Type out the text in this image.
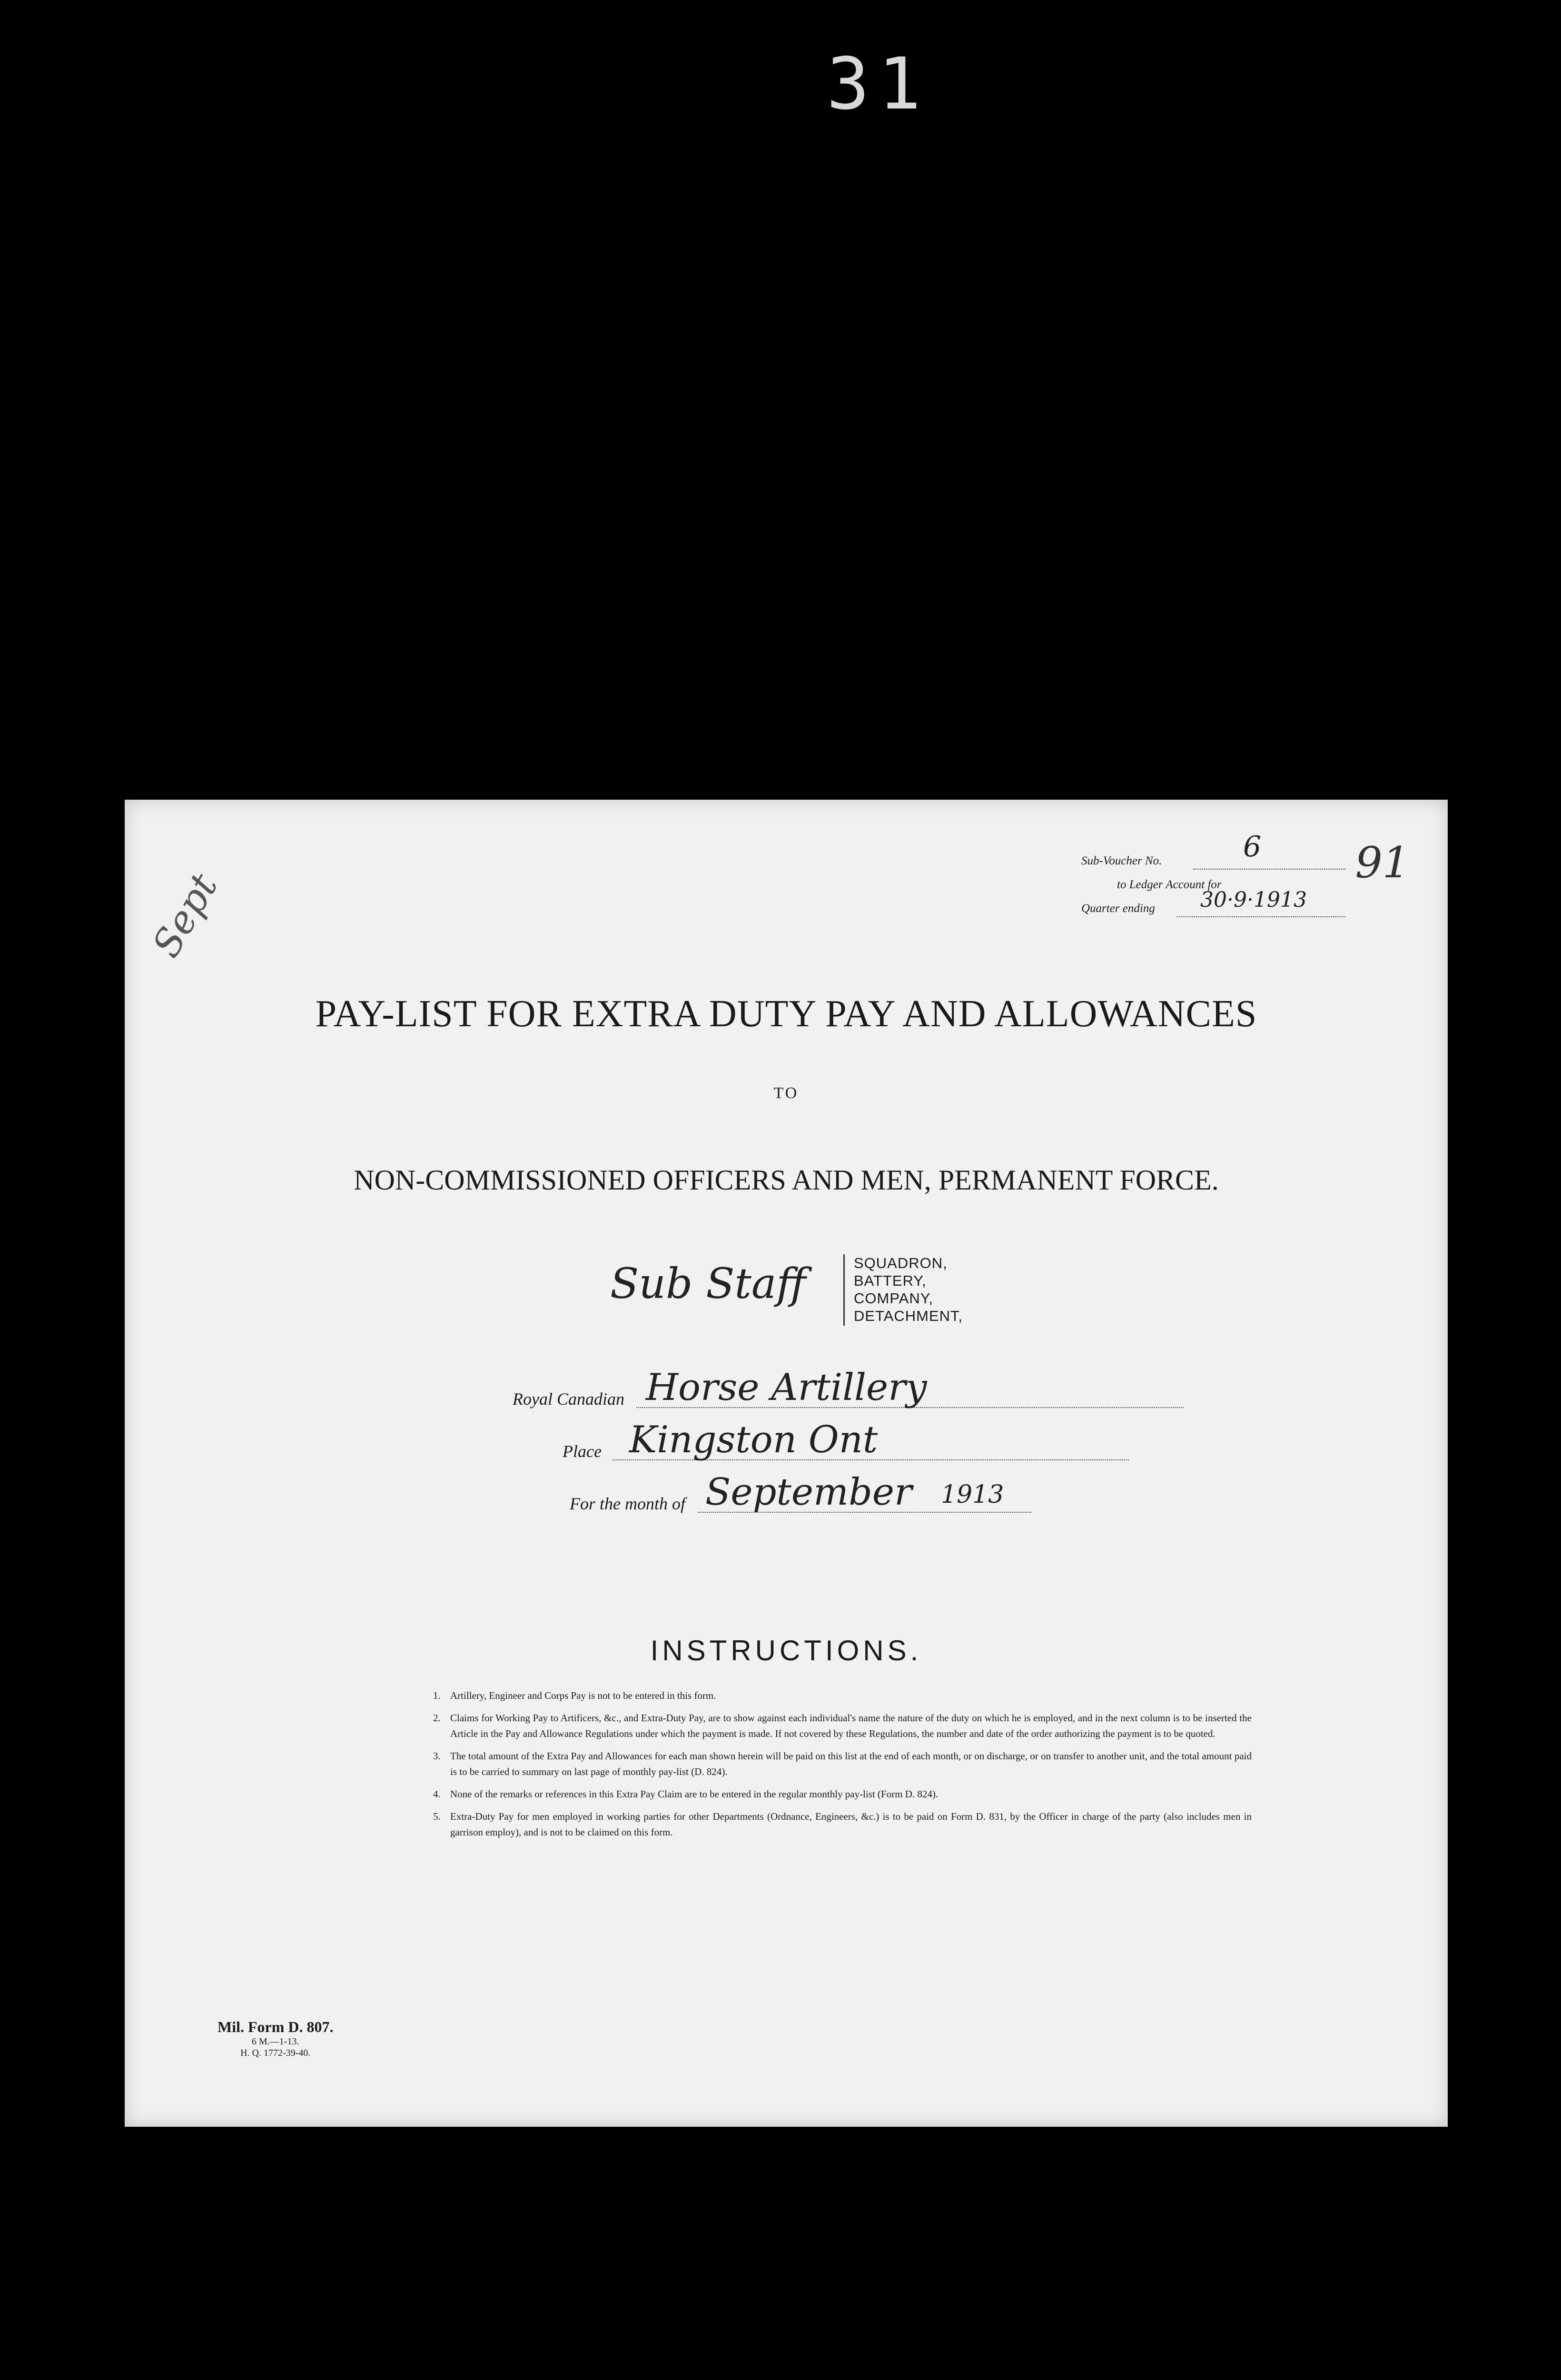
31
91
Sept
Sub-Voucher No.	6
to Ledger Account for
Quarter ending 30·9·1913
PAY-LIST FOR EXTRA DUTY PAY AND ALLOWANCES
TO
NON-COMMISSIONED OFFICERS AND MEN, PERMANENT FORCE.
Sub Staff	SQUADRON,
BATTERY,
COMPANY,
DETACHMENT,
Royal Canadian Horse Artillery
Place Kingston Ont
For the month of September 1913
INSTRUCTIONS.
1. Artillery, Engineer and Corps Pay is not to be entered in this form.
2. Claims for Working Pay to Artificers, &c., and Extra-Duty Pay, are to show against each individual's name the nature of the duty on which he is employed, and in the next column is to be inserted the Article in the Pay and Allowance Regulations under which the payment is made. If not covered by these Regulations, the number and date of the order authorizing the payment is to be quoted.
3. The total amount of the Extra Pay and Allowances for each man shown herein will be paid on this list at the end of each month, or on discharge, or on transfer to another unit, and the total amount paid is to be carried to summary on last page of monthly pay-list (D. 824).
4. None of the remarks or references in this Extra Pay Claim are to be entered in the regular monthly pay-list (Form D. 824).
5. Extra-Duty Pay for men employed in working parties for other Departments (Ordnance, Engineers, &c.) is to be paid on Form D. 831, by the Officer in charge of the party (also includes men in garrison employ), and is not to be claimed on this form.
Mil. Form D. 807.
6 M.—1-13.
H. Q. 1772-39-40.
